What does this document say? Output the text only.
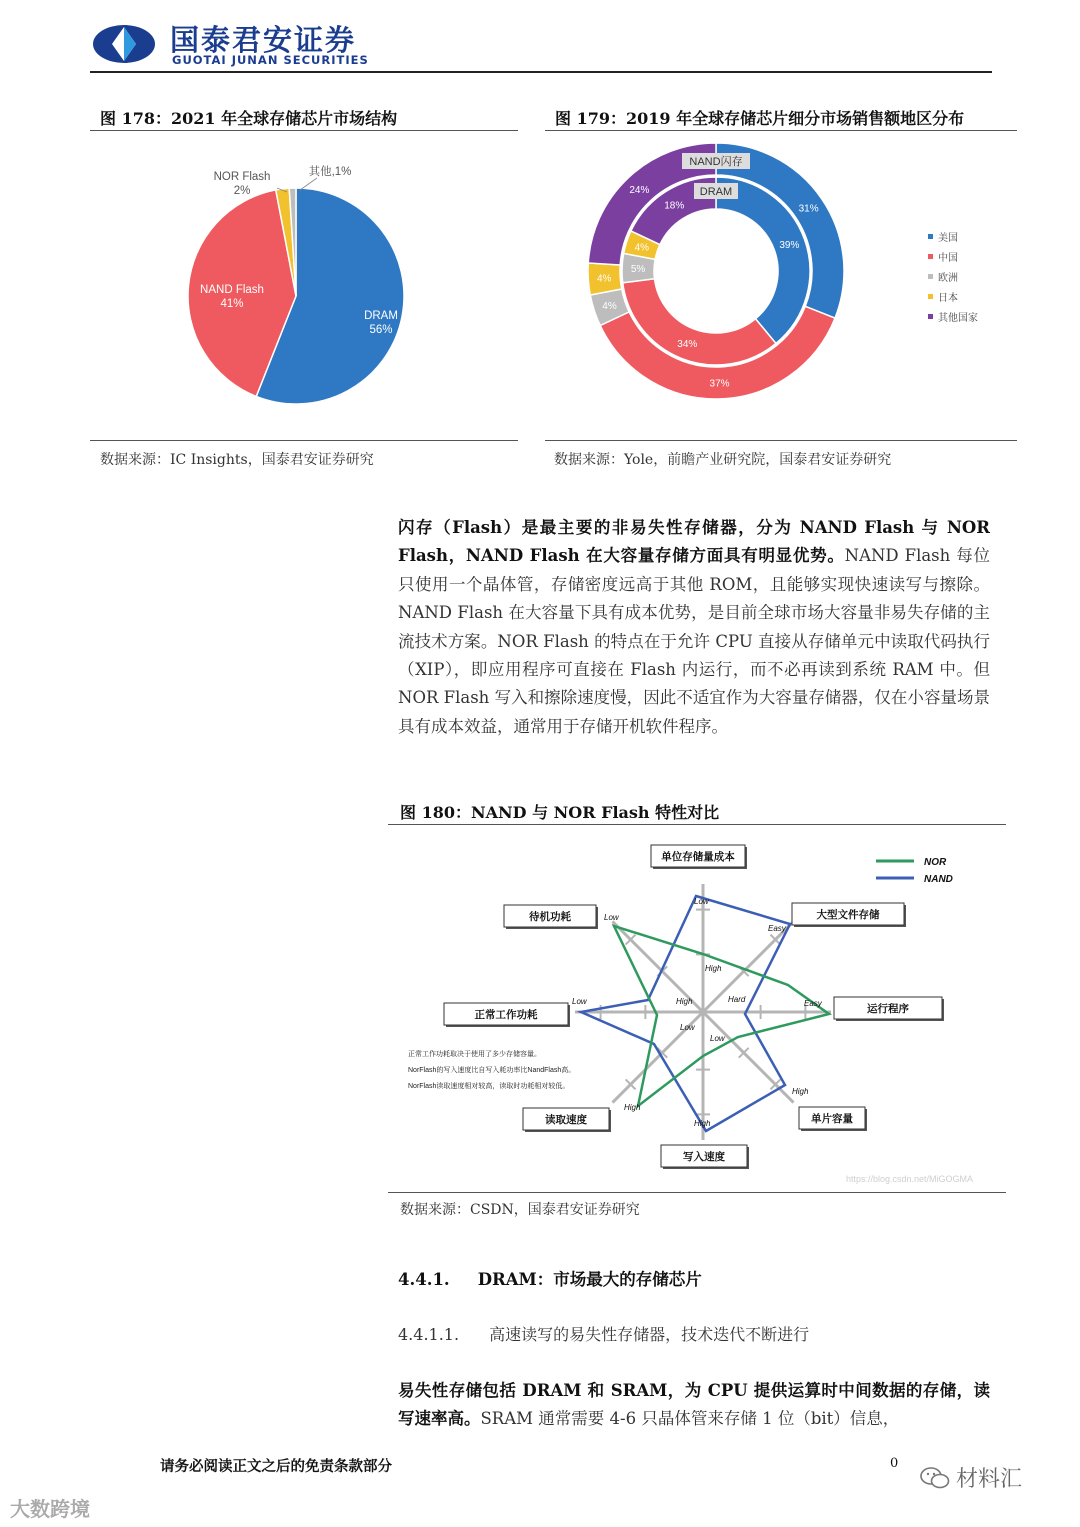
国泰君安证券
GUOTAI JUNAN SECURITIES
图 178：2021 年全球存储芯片市场结构
DRAM
56%
NAND Flash
41%
NOR Flash
2%
其他,1%
数据来源：IC Insights，国泰君安证券研究
图 179：2019 年全球存储芯片细分市场销售额地区分布
31%
37%
4%
4%
24%
39%
34%
5%
4%
18%
NAND闪存
DRAM
美国
中国
欧洲
日本
其他国家
数据来源：Yole，前瞻产业研究院，国泰君安证券研究
闪存（Flash）是最主要的非易失性存储器，分为 NAND Flash 与 NOR Flash，NAND Flash 在大容量存储方面具有明显优势。NAND Flash 每位只使用一个晶体管，存储密度远高于其他 ROM，且能够实现快速读写与擦除。NAND Flash 在大容量下具有成本优势，是目前全球市场大容量非易失存储的主流技术方案。NOR Flash 的特点在于允许 CPU 直接从存储单元中读取代码执行（XIP），即应用程序可直接在 Flash 内运行，而不必再读到系统 RAM 中。但 NOR Flash 写入和擦除速度慢，因此不适宜作为大容量存储器，仅在小容量场景具有成本效益，通常用于存储开机软件程序。
图 180：NAND 与 NOR Flash 特性对比
单位存储量成本
大型文件存储
运行程序
单片容量
写入速度
读取速度
正常工作功耗
待机功耗
Low
Easy
Easy
High
High
High
Low
Low
High
Hard
High
Low
Low
NOR
NAND
正常工作功耗取决于使用了多少存储容量。
NorFlash的写入速度比自写入耗功率比NandFlash高。
NorFlash读取速度相对较高，读取时功耗相对较低。
https://blog.csdn.net/MiGOGMA
数据来源：CSDN，国泰君安证券研究
4.4.1. DRAM：市场最大的存储芯片
4.4.1.1. 高速读写的易失性存储器，技术迭代不断进行
易失性存储包括 DRAM 和 SRAM，为 CPU 提供运算时中间数据的存储，读写速率高。SRAM 通常需要 4-6 只晶体管来存储 1 位（bit）信息，
请务必阅读正文之后的免责条款部分	0
材料汇
大数跨境
